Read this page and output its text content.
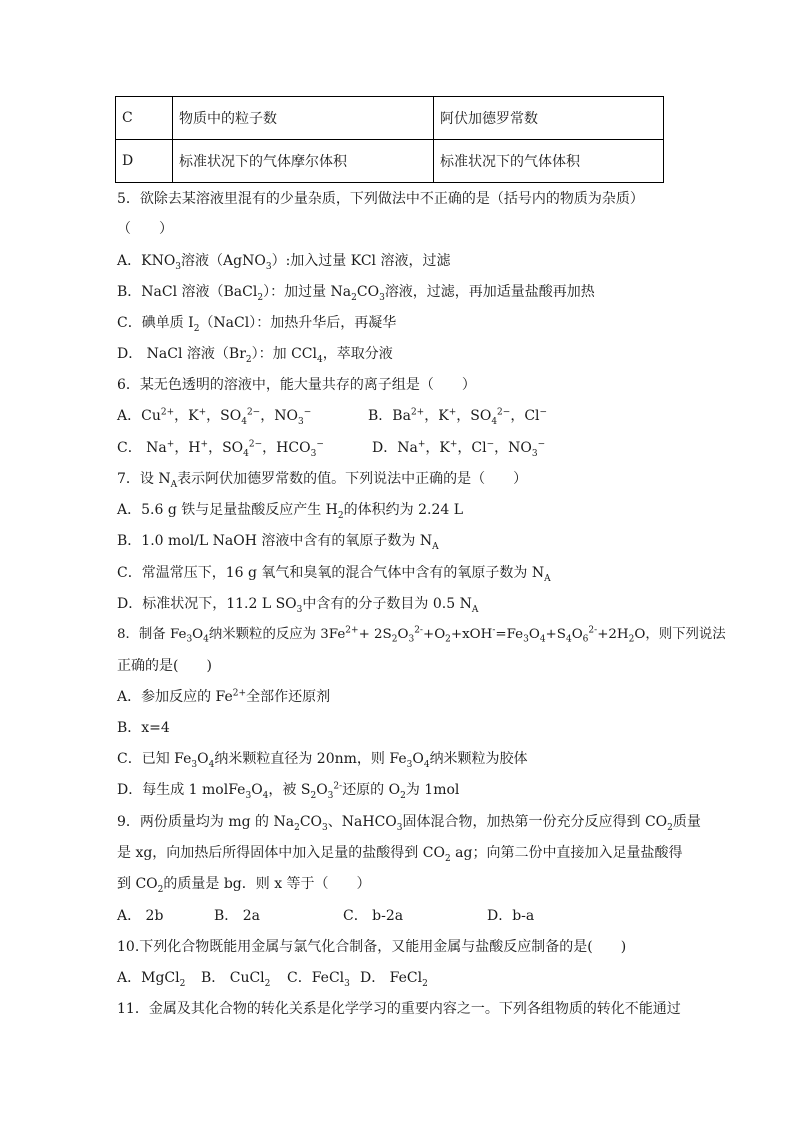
C	物质中的粒子数	阿伏加德罗常数
D	标准状况下的气体摩尔体积	标准状况下的气体体积
5．欲除去某溶液里混有的少量杂质，下列做法中不正确的是（括号内的物质为杂质）
（　　）
A．$KNO_3$溶液（AgNO$_3$）:加入过量 KCl 溶液，过滤
B．NaCl 溶液（BaCl$_2$）：加过量 $Na_2CO_3$溶液，过滤，再加适量盐酸再加热
C．碘单质 $I_2(NaCl)$：加热升华后，再凝华
D． NaCl 溶液$(Br_2)$：加 CCl$_4$，萃取分液
6．某无色透明的溶液中，能大量共存的离子组是（　　）
A．$Cu^{2+}$，K+，$SO_4^{2-}$，$NO_3^-$	B．$Ba^{2+}$，K+，$SO_4^{2-}$，Cl−
C． Na+，H+，$SO_4^{2-}$，$HCO_3^-$	D．Na+，K+，Cl−，$NO_3^-$
7．设 $N_A$表示阿伏加德罗常数的值。下列说法中正确的是（　　）
A．5.6 g 铁与足量盐酸反应产生 $H_2$的体积约为 2.24 L
B．1.0 mol/L NaOH 溶液中含有的氧原子数为 $N_A$
C．常温常压下，16 g 氧气和臭氧的混合气体中含有的氧原子数为 $N_A$
D．标准状况下，11.2 L $SO_3$中含有的分子数目为 0.5 $N_A$
8．制备 $Fe_3O_4$纳米颗粒的反应为 $3Fe^{2+}+ 2S_2O_3^{2-}+O_2+xOH^-=Fe_3O_4+S_4O_6^{2-}+2H_2O$，则下列说法
正确的是(　　)
A．参加反应的 $Fe^{2+}$全部作还原剂
B．x=4
C．已知 $Fe_3O_4$纳米颗粒直径为 20nm，则 $Fe_3O_4$纳米颗粒为胶体
D．每生成 1 $molFe_3O_4$，被 $S_2O_3^{2-}$还原的 $O_2$为 1mol
9．两份质量均为 mg 的 $Na_2CO_3$、NaHCO$_3$固体混合物，加热第一份充分反应得到 $CO_2$质量
是 xg，向加热后所得固体中加入足量的盐酸得到 $CO_2$ ag；向第二份中直接加入足量盐酸得
到 $CO_2$的质量是 bg．则 x 等于（　　）
A． 2b	B． 2a	C． b-2a	D．b-a
10.下列化合物既能用金属与氯气化合制备，又能用金属与盐酸反应制备的是(　　)
A．MgCl$_2$ B． CuCl$_2$ C．FeCl$_3$ D． FeCl$_2$
11．金属及其化合物的转化关系是化学学习的重要内容之一。下列各组物质的转化不能通过
